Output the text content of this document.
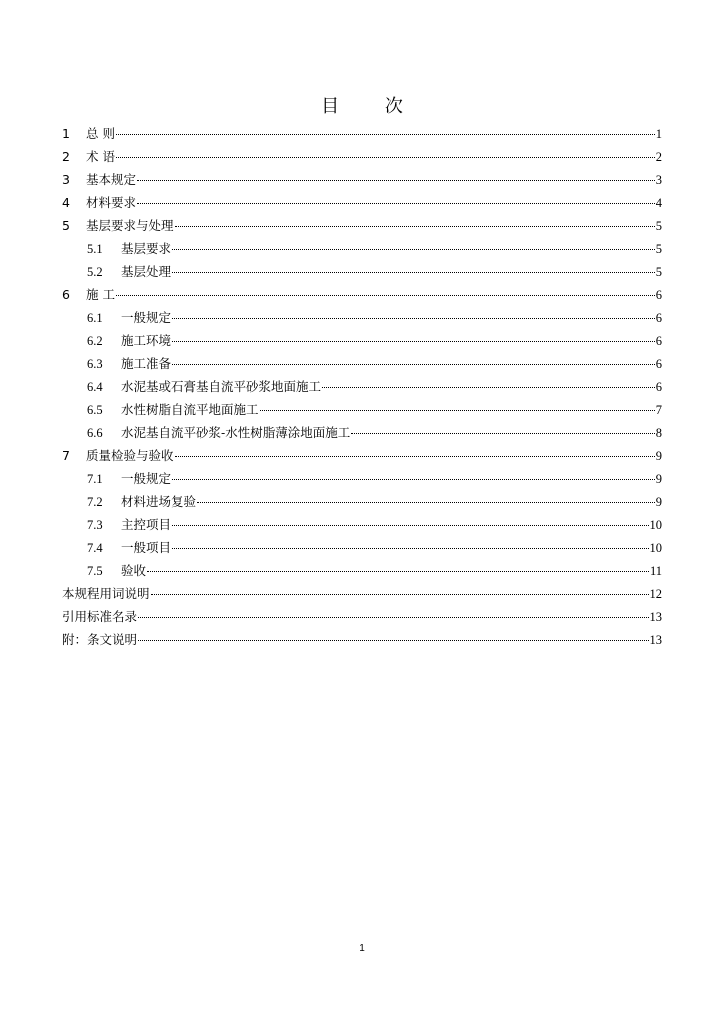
目 次
1	总 则	1
2	术 语	2
3	基本规定	3
4	材料要求	4
5	基层要求与处理	5
5.1	基层要求	5
5.2	基层处理	5
6	施 工	6
6.1	一般规定	6
6.2	施工环境	6
6.3	施工准备	6
6.4	水泥基或石膏基自流平砂浆地面施工	6
6.5	水性树脂自流平地面施工	7
6.6	水泥基自流平砂浆-水性树脂薄涂地面施工	8
7	质量检验与验收	9
7.1	一般规定	9
7.2	材料进场复验	9
7.3	主控项目	10
7.4	一般项目	10
7.5	验收	11
本规程用词说明	12
引用标准名录	13
附：条文说明	13
1
